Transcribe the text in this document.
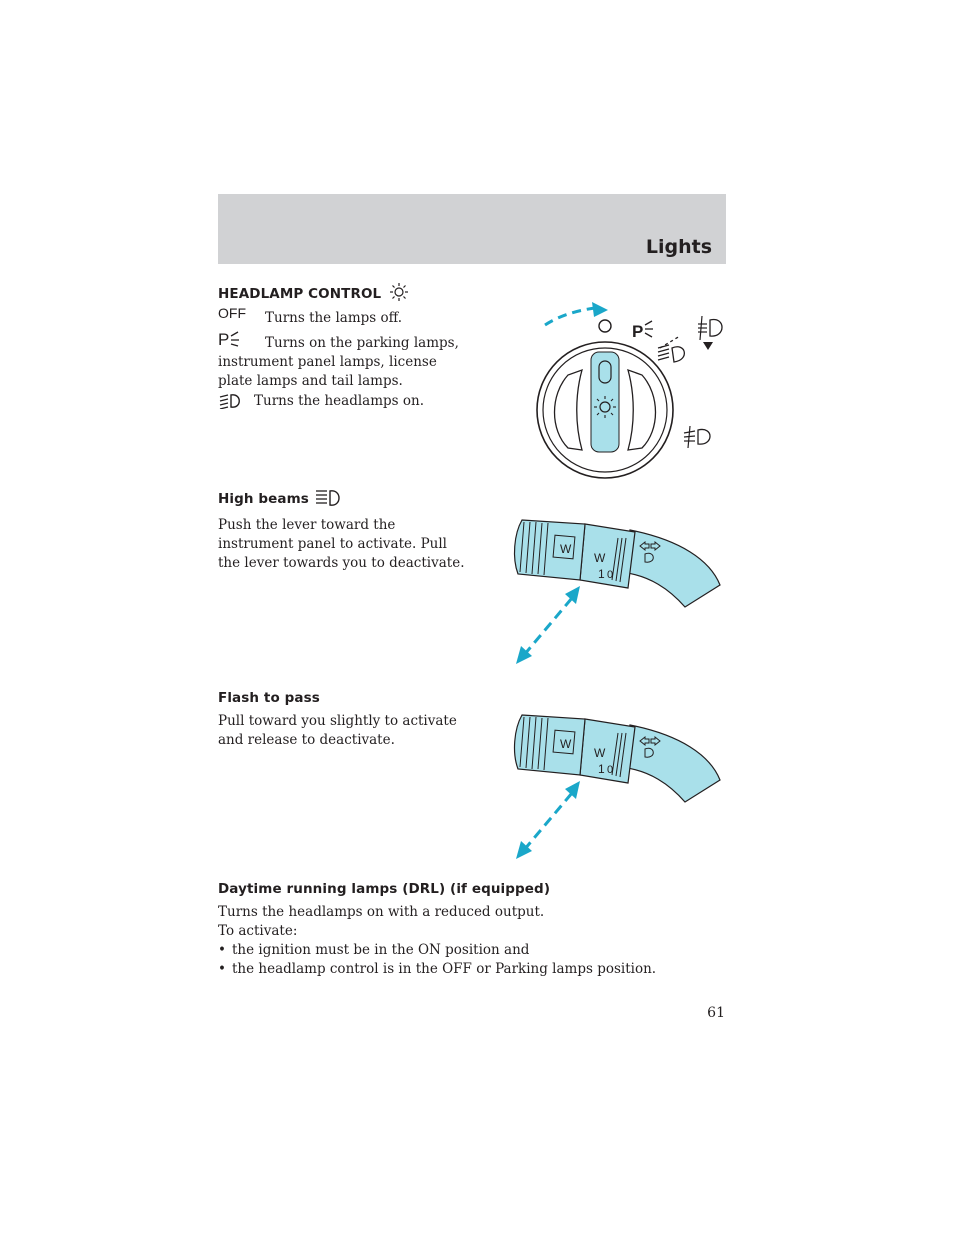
Lights
HEADLAMP CONTROL
OFF Turns the lamps off.
P	Turns on the parking lamps,
instrument panel lamps, license
plate lamps and tail lamps.
Turns the headlamps on.
P
High beams
Push the lever toward the
instrument panel to activate. Pull
the lever towards you to deactivate.
W
W
1 0
Flash to pass
Pull toward you slightly to activate
and release to deactivate.	W
W
1 0
Daytime running lamps (DRL) (if equipped)
Turns the headlamps on with a reduced output.
To activate:
• the ignition must be in the ON position and
• the headlamp control is in the OFF or Parking lamps position.
61
